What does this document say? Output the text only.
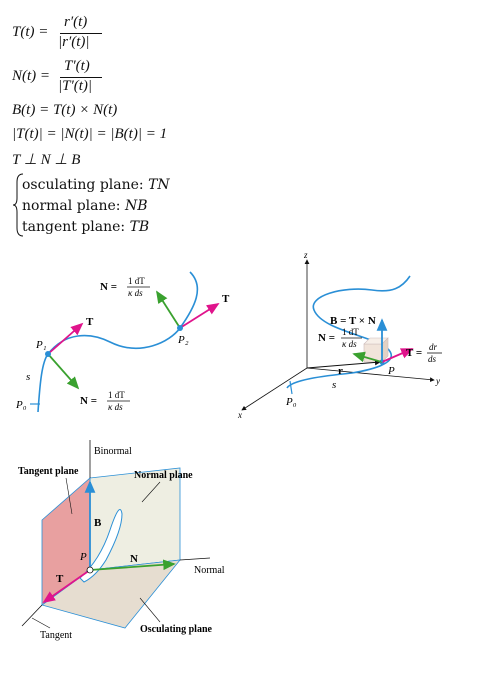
T(t) =
r′(t)
|r′(t)|
N(t) =
T′(t)
|T′(t)|
B(t) = T(t) × N(t)
|T(t)| = |N(t)| = |B(t)| = 1
T ⊥ N ⊥ B
osculating plane: TN
normal plane: NB
tangent plane: TB
N = 1 dT
κ ds
T
T
P₁	P₂
P₀
s
N = 1 dT
κ ds
z
y
x
B = T × N
N = 1 dT
κ ds
T = dr
ds
r	P
P₀
s
Binormal
Tangent plane	Normal plane
Normal
Osculating plane
Tangent
B
N
T
P
